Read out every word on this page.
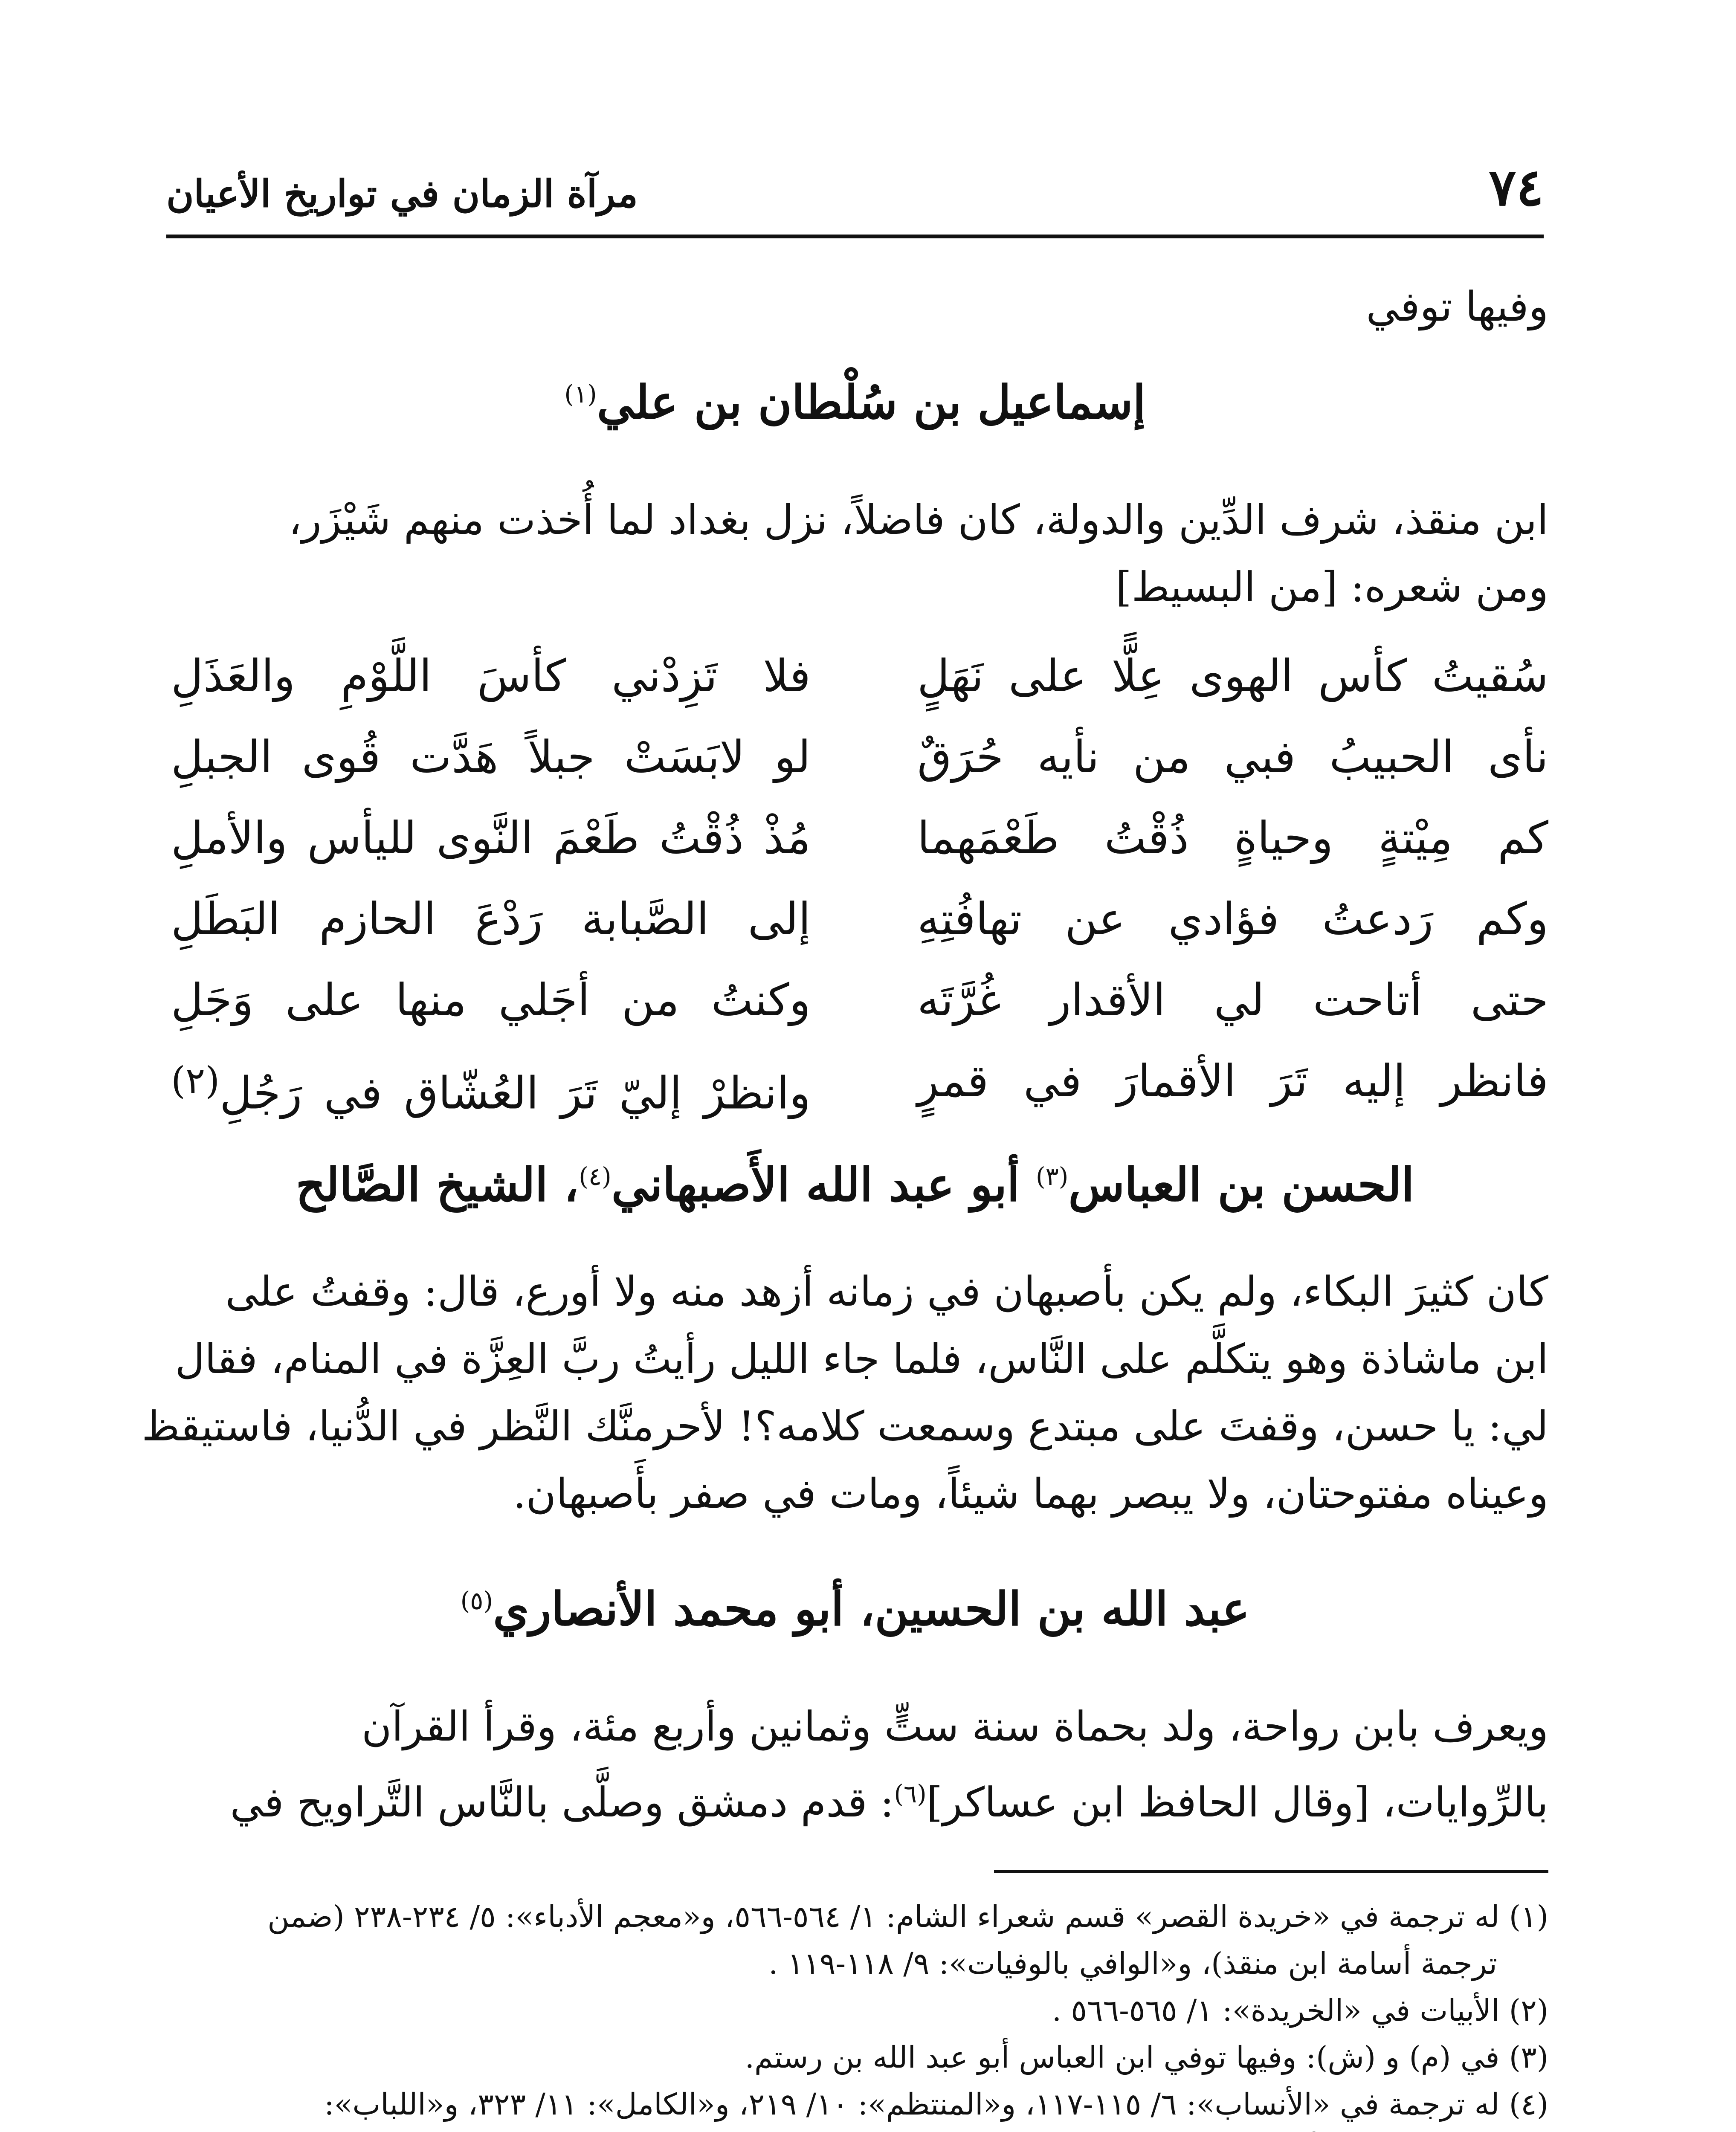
٧٤
مرآة الزمان في تواريخ الأعيان
وفيها توفي
إسماعيل بن سُلْطان بن علي$^{(١)}$
ابن منقذ، شرف الدِّين والدولة، كان فاضلاً، نزل بغداد لما أُخذت منهم شَيْزَر،
ومن شعره: [من البسيط]
سُقيتُ كأس الهوى عِلًّا على نَهَلٍ
فلا تَزِدْني كأسَ اللَّوْمِ والعَذَلِ
نأى الحبيبُ فبي من نأيه حُرَقٌ
لو لابَسَتْ جبلاً هَدَّت قُوى الجبلِ
كم مِيْتةٍ وحياةٍ ذُقْتُ طَعْمَهما
مُذْ ذُقْتُ طَعْمَ النَّوى لليأس والأملِ
وكم رَدعتُ فؤادي عن تهافُتِهِ
إلى الصَّبابة رَدْعَ الحازم البَطَلِ
حتى أتاحت لي الأقدار غُرَّتَه
وكنتُ من أجَلي منها على وَجَلِ
فانظر إليه تَرَ الأقمارَ في قمرٍ
وانظرْ إليّ تَرَ العُشّاق في رَجُلِ$^{(٢)}$
الحسن بن العباس$^{(٣)}$ أبو عبد الله الأَصبهاني$^{(٤)}$، الشيخ الصَّالح
كان كثيرَ البكاء، ولم يكن بأصبهان في زمانه أزهد منه ولا أورع، قال: وقفتُ على
ابن ماشاذة وهو يتكلَّم على النَّاس، فلما جاء الليل رأيتُ ربَّ العِزَّة في المنام، فقال
لي: يا حسن، وقفتَ على مبتدع وسمعت كلامه؟! لأحرمنَّك النَّظر في الدُّنيا، فاستيقظ
وعيناه مفتوحتان، ولا يبصر بهما شيئاً، ومات في صفر بأَصبهان.
عبد الله بن الحسين، أبو محمد الأنصاري$^{(٥)}$
ويعرف بابن رواحة، ولد بحماة سنة ستٍّ وثمانين وأربع مئة، وقرأ القرآن
بالرِّوايات، [وقال الحافظ ابن عساكر]$^{(٦)}$: قدم دمشق وصلَّى بالنَّاس التَّراويح في
(١) له ترجمة في «خريدة القصر» قسم شعراء الشام: ١/ ٥٦٤-٥٦٦، و«معجم الأدباء»: ٥/ ٢٣٤-٢٣٨ (ضمن
ترجمة أسامة ابن منقذ)، و«الوافي بالوفيات»: ٩/ ١١٨-١١٩ .
(٢) الأبيات في «الخريدة»: ١/ ٥٦٥-٥٦٦ .
(٣) في (م) و (ش): وفيها توفي ابن العباس أبو عبد الله بن رستم.
(٤) له ترجمة في «الأنساب»: ٦/ ١١٥-١١٧، و«المنتظم»: ١٠/ ٢١٩، و«الكامل»: ١١/ ٣٢٣، و«اللباب»:
